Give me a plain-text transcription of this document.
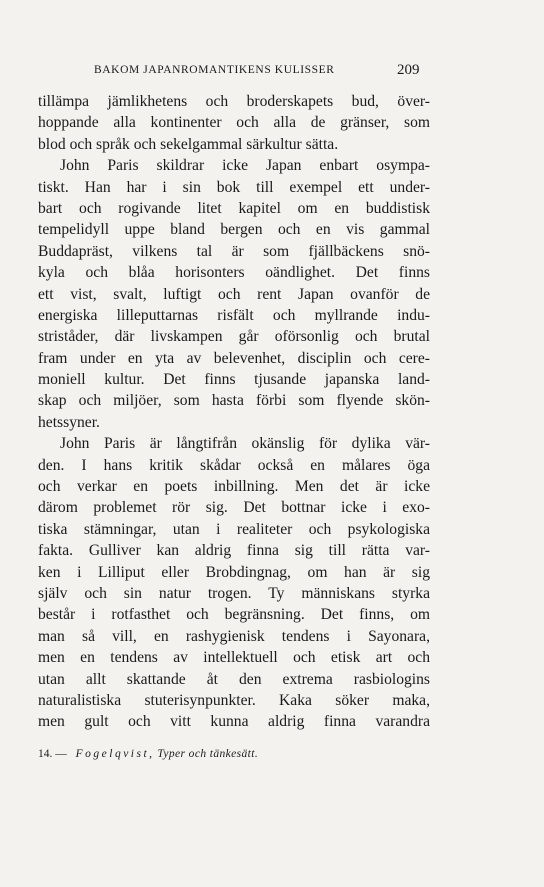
BAKOM JAPANROMANTIKENS KULISSER	209
tillämpa jämlikhetens och broderskapets bud, över-
hoppande alla kontinenter och alla de gränser, som
blod och språk och sekelgammal särkultur sätta.
John Paris skildrar icke Japan enbart osympa-
tiskt. Han har i sin bok till exempel ett under-
bart och rogivande litet kapitel om en buddistisk
tempelidyll uppe bland bergen och en vis gammal
Buddapräst, vilkens tal är som fjällbäckens snö-
kyla och blåa horisonters oändlighet. Det finns
ett vist, svalt, luftigt och rent Japan ovanför de
energiska lilleputtarnas risfält och myllrande indu-
striståder, där livskampen går oförsonlig och brutal
fram under en yta av belevenhet, disciplin och cere-
moniell kultur. Det finns tjusande japanska land-
skap och miljöer, som hasta förbi som flyende skön-
hetssyner.
John Paris är långtifrån okänslig för dylika vär-
den. I hans kritik skådar också en målares öga
och verkar en poets inbillning. Men det är icke
därom problemet rör sig. Det bottnar icke i exo-
tiska stämningar, utan i realiteter och psykologiska
fakta. Gulliver kan aldrig finna sig till rätta var-
ken i Lilliput eller Brobdingnag, om han är sig
själv och sin natur trogen. Ty människans styrka
består i rotfasthet och begränsning. Det finns, om
man så vill, en rashygienisk tendens i Sayonara,
men en tendens av intellektuell och etisk art och
utan allt skattande åt den extrema rasbiologins
naturalistiska stuterisynpunkter. Kaka söker maka,
men gult och vitt kunna aldrig finna varandra
14. — Fogelqvist, Typer och tänkesätt.
